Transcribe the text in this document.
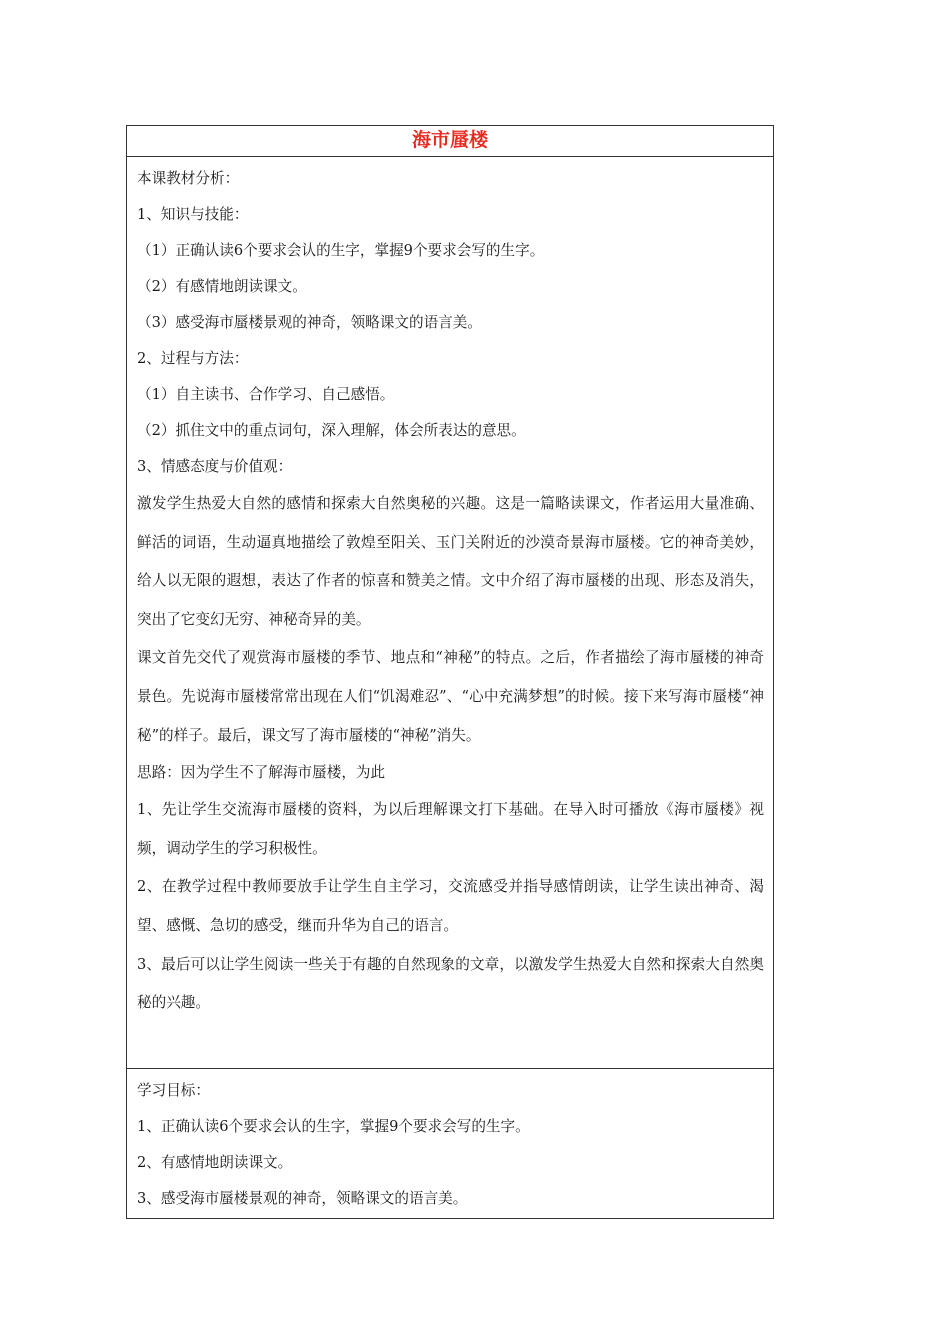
海市蜃楼
本课教材分析：
1、知识与技能：
（1）正确认读6个要求会认的生字，掌握9个要求会写的生字。
（2）有感情地朗读课文。
（3）感受海市蜃楼景观的神奇，领略课文的语言美。
2、过程与方法：
（1）自主读书、合作学习、自己感悟。
（2）抓住文中的重点词句，深入理解，体会所表达的意思。
3、情感态度与价值观：
激发学生热爱大自然的感情和探索大自然奥秘的兴趣。这是一篇略读课文，作者运用大量准确、鲜活的词语，生动逼真地描绘了敦煌至阳关、玉门关附近的沙漠奇景海市蜃楼。它的神奇美妙，给人以无限的遐想，表达了作者的惊喜和赞美之情。文中介绍了海市蜃楼的出现、形态及消失，突出了它变幻无穷、神秘奇异的美。
课文首先交代了观赏海市蜃楼的季节、地点和“神秘”的特点。之后，作者描绘了海市蜃楼的神奇景色。先说海市蜃楼常常出现在人们“饥渴难忍”、“心中充满梦想”的时候。接下来写海市蜃楼“神秘”的样子。最后，课文写了海市蜃楼的“神秘”消失。
思路：因为学生不了解海市蜃楼，为此
1、先让学生交流海市蜃楼的资料，为以后理解课文打下基础。在导入时可播放《海市蜃楼》视频，调动学生的学习积极性。
2、在教学过程中教师要放手让学生自主学习，交流感受并指导感情朗读，让学生读出神奇、渴望、感慨、急切的感受，继而升华为自己的语言。
3、最后可以让学生阅读一些关于有趣的自然现象的文章，以激发学生热爱大自然和探索大自然奥秘的兴趣。
学习目标：
1、正确认读6个要求会认的生字，掌握9个要求会写的生字。
2、有感情地朗读课文。
3、感受海市蜃楼景观的神奇，领略课文的语言美。
